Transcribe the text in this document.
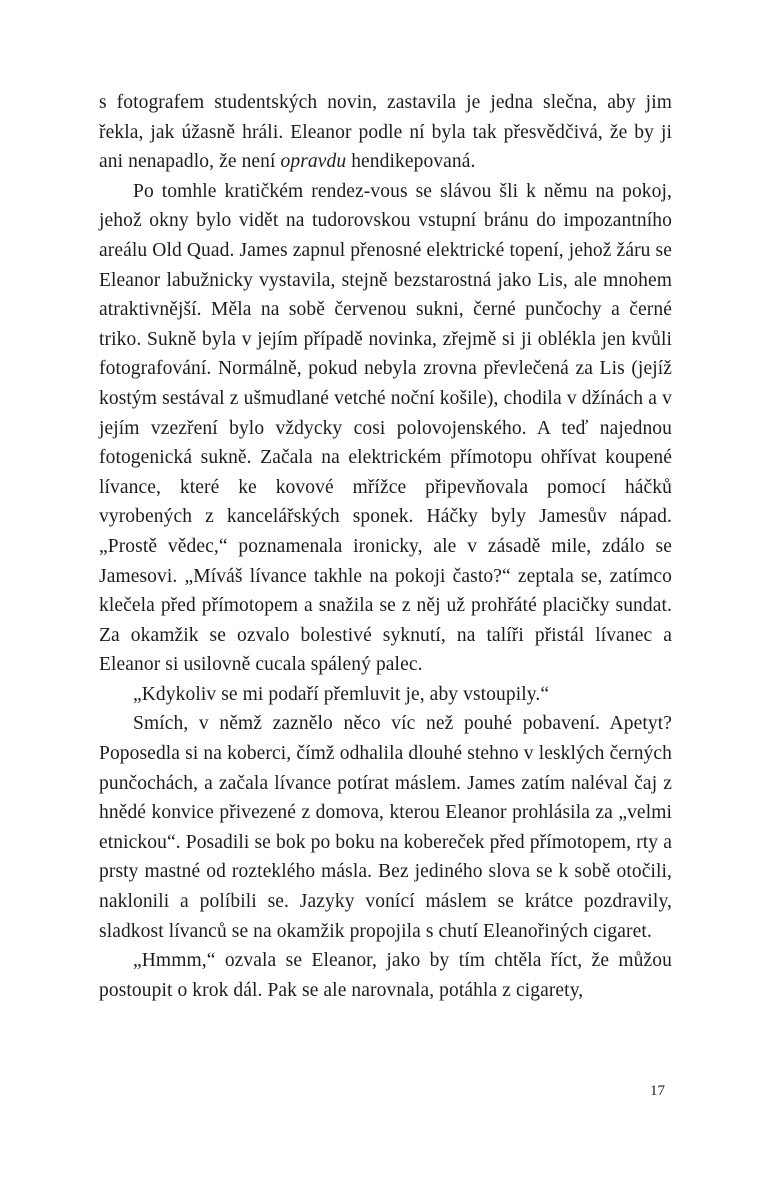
s fotografem studentských novin, zastavila je jedna slečna, aby jim řekla, jak úžasně hráli. Eleanor podle ní byla tak přesvědčivá, že by ji ani nenapadlo, že není opravdu hendikepovaná.

Po tomhle kratičkém rendez-vous se slávou šli k němu na pokoj, jehož okny bylo vidět na tudorovskou vstupní bránu do impozantního areálu Old Quad. James zapnul přenosné elektrické topení, jehož žáru se Eleanor labužnicky vystavila, stejně bezstarostná jako Lis, ale mnohem atraktivnější. Měla na sobě červenou sukni, černé punčochy a černé triko. Sukně byla v jejím případě novinka, zřejmě si ji oblékla jen kvůli fotografování. Normálně, pokud nebyla zrovna převlečená za Lis (jejíž kostým sestával z ušmudlané vetché noční košile), chodila v džínách a v jejím vzezření bylo vždycky cosi polovojenského. A teď najednou fotogenická sukně. Začala na elektrickém přímotopu ohřívat koupené lívance, které ke kovové mřížce připevňovala pomocí háčků vyrobených z kancelářských sponek. Háčky byly Jamesův nápad. „Prostě vědec,“ poznamenala ironicky, ale v zásadě mile, zdálo se Jamesovi. „Míváš lívance takhle na pokoji často?“ zeptala se, zatímco klečela před přímotopem a snažila se z něj už prohřáté placičky sundat. Za okamžik se ozvalo bolestivé syknutí, na talíři přistál lívanec a Eleanor si usilovně cucala spálený palec.

„Kdykoliv se mi podaří přemluvit je, aby vstoupily.“

Smích, v němž zaznělo něco víc než pouhé pobavení. Apetyt? Poposedla si na koberci, čímž odhalila dlouhé stehno v lesklých černých punčochách, a začala lívance potírat máslem. James zatím naléval čaj z hnědé konvice přivezené z domova, kterou Eleanor prohlásila za „velmi etnickou“. Posadili se bok po boku na kobereček před přímotopem, rty a prsty mastné od rozteklého másla. Bez jediného slova se k sobě otočili, naklonili a políbili se. Jazyky vonící máslem se krátce pozdravily, sladkost lívanců se na okamžik propojila s chutí Eleanořiných cigaret.

„Hmmm,“ ozvala se Eleanor, jako by tím chtěla říct, že můžou postoupit o krok dál. Pak se ale narovnala, potáhla z cigarety,

17
